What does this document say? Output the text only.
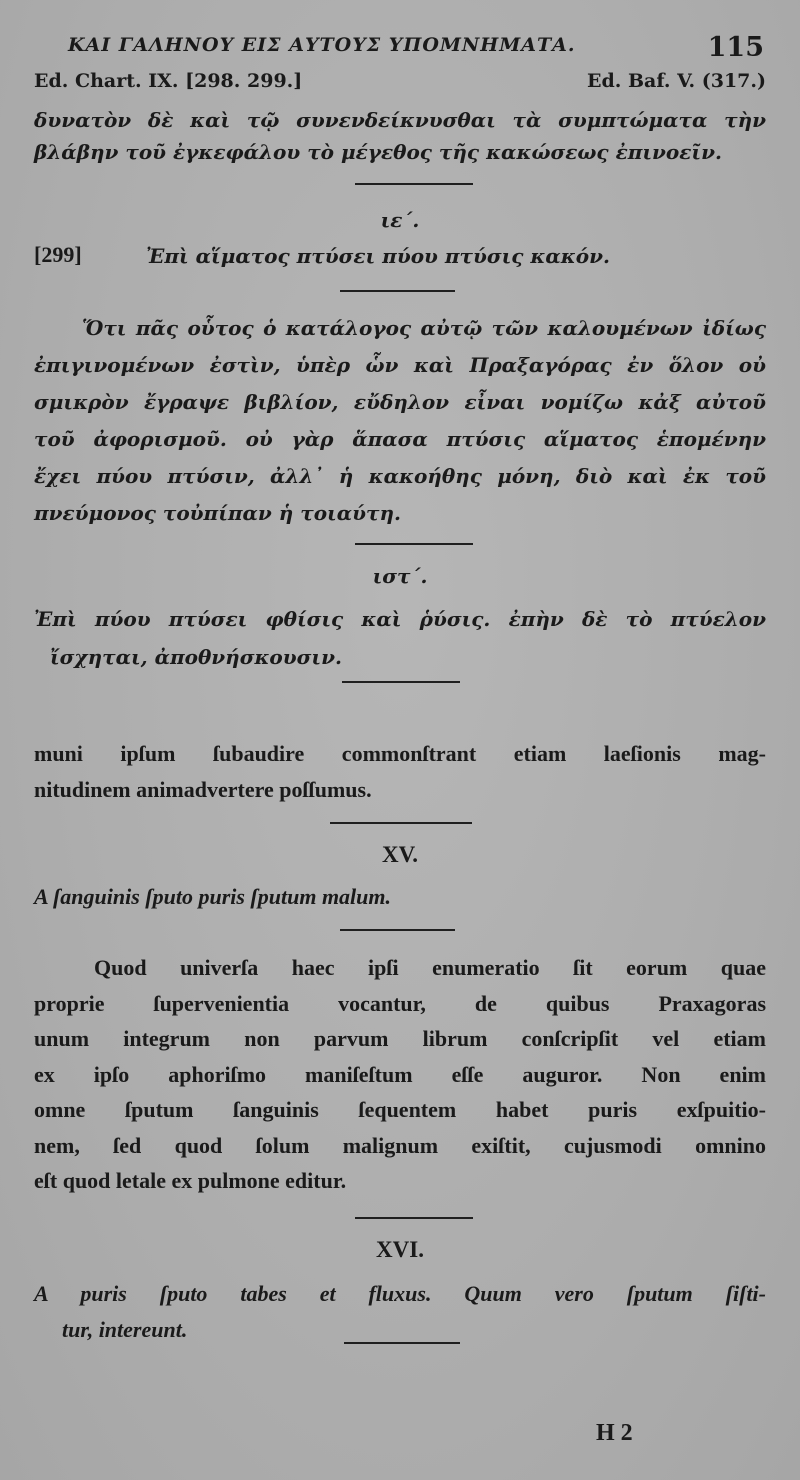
ΚΑΙ ΓΑΛΗΝΟΥ ΕΙΣ ΑΥΤΟΥΣ ΥΠΟΜΝΗΜΑΤΑ.	115
Ed. Chart. IX. [298. 299.]	Ed. Baf. V. (317.)
δυνατὸν δὲ καὶ τῷ συνενδείκνυσθαι τὰ συμπτώματα τὴν
βλάβην τοῦ ἐγκεφάλου τὸ μέγεθος τῆς κακώσεως ἐπινοεῖν.
ιε΄.
[299]	Ἐπὶ αἵματος πτύσει πύου πτύσις κακόν.
Ὅτι πᾶς οὗτος ὁ κατάλογος αὐτῷ τῶν καλουμένων ἰδίως
ἐπιγινομένων ἐστὶν, ὑπὲρ ὧν καὶ Πραξαγόρας ἐν ὅλον οὐ
σμικρὸν ἔγραψε βιβλίον, εὔδηλον εἶναι νομίζω κἀξ αὐτοῦ
τοῦ ἀφορισμοῦ. οὐ γὰρ ἅπασα πτύσις αἵματος ἑπομένην
ἔχει πύου πτύσιν, ἀλλ᾽ ἡ κακοήθης μόνη, διὸ καὶ ἐκ τοῦ
πνεύμονος τοὐπίπαν ἡ τοιαύτη.
ιστ΄.
Ἐπὶ πύου πτύσει φθίσις καὶ ῥύσις. ἐπὴν δὲ τὸ πτύελον
ἴσχηται, ἀποθνήσκουσιν.
muni ipſum ſubaudire commonſtrant etiam laeſionis mag-
nitudinem animadvertere poſſumus.
XV.
A ſanguinis ſputo puris ſputum malum.
Quod univerſa haec ipſi enumeratio ſit eorum quae
proprie ſupervenientia vocantur, de quibus Praxagoras
unum integrum non parvum librum conſcripſit vel etiam
ex ipſo aphoriſmo maniſeſtum eſſe auguror. Non enim
omne ſputum ſanguinis ſequentem habet puris exſpuitio-
nem, ſed quod ſolum malignum exiſtit, cujusmodi omnino
eſt quod letale ex pulmone editur.
XVI.
A puris ſputo tabes et fluxus. Quum vero ſputum ſiſti-
tur, intereunt.
H 2
